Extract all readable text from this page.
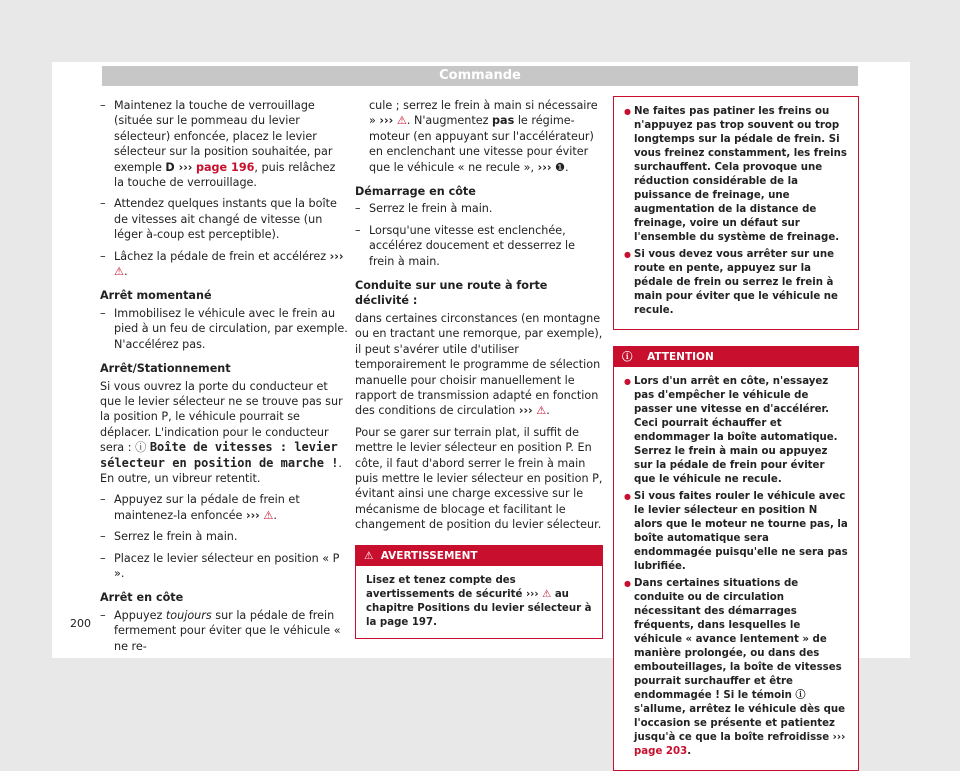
Commande
– Maintenez la touche de verrouillage (située sur le pommeau du levier sélecteur) enfoncée, placez le levier sélecteur sur la position souhaitée, par exemple D ››› page 196, puis relâchez la touche de verrouillage.
– Attendez quelques instants que la boîte de vitesses ait changé de vitesse (un léger à-coup est perceptible).
– Lâchez la pédale de frein et accélérez ››› ⚠.
Arrêt momentané
– Immobilisez le véhicule avec le frein au pied à un feu de circulation, par exemple. N'accélérez pas.
Arrêt/Stationnement
Si vous ouvrez la porte du conducteur et que le levier sélecteur ne se trouve pas sur la position P, le véhicule pourrait se déplacer. L'indication pour le conducteur sera : ⓘ Boîte de vitesses : levier sélecteur en position de marche !. En outre, un vibreur retentit.
– Appuyez sur la pédale de frein et maintenez-la enfoncée ››› ⚠.
– Serrez le frein à main.
– Placez le levier sélecteur en position « P ».
Arrêt en côte
– Appuyez toujours sur la pédale de frein fermement pour éviter que le véhicule « ne re-
cule ; serrez le frein à main si nécessaire » ››› ⚠. N'augmentez pas le régime-moteur (en appuyant sur l'accélérateur) en enclenchant une vitesse pour éviter que le véhicule « ne recule », ››› ❶.
Démarrage en côte
– Serrez le frein à main.
– Lorsqu'une vitesse est enclenchée, accélérez doucement et desserrez le frein à main.
Conduite sur une route à forte déclivité :
dans certaines circonstances (en montagne ou en tractant une remorque, par exemple), il peut s'avérer utile d'utiliser temporairement le programme de sélection manuelle pour choisir manuellement le rapport de transmission adapté en fonction des conditions de circulation ››› ⚠.
Pour se garer sur terrain plat, il suffit de mettre le levier sélecteur en position P. En côte, il faut d'abord serrer le frein à main puis mettre le levier sélecteur en position P, évitant ainsi une charge excessive sur le mécanisme de blocage et facilitant le changement de position du levier sélecteur.
⚠ AVERTISSEMENT
Lisez et tenez compte des avertissements de sécurité ››› ⚠ au chapitre Positions du levier sélecteur à la page 197.
● Ne faites pas patiner les freins ou n'appuyez pas trop souvent ou trop longtemps sur la pédale de frein. Si vous freinez constamment, les freins surchauffent. Cela provoque une réduction considérable de la puissance de freinage, une augmentation de la distance de freinage, voire un défaut sur l'ensemble du système de freinage.
● Si vous devez vous arrêter sur une route en pente, appuyez sur la pédale de frein ou serrez le frein à main pour éviter que le véhicule ne recule.
ⓘ ATTENTION
● Lors d'un arrêt en côte, n'essayez pas d'empêcher le véhicule de passer une vitesse en d'accélérer. Ceci pourrait échauffer et endommager la boîte automatique. Serrez le frein à main ou appuyez sur la pédale de frein pour éviter que le véhicule ne recule.
● Si vous faites rouler le véhicule avec le levier sélecteur en position N alors que le moteur ne tourne pas, la boîte automatique sera endommagée puisqu'elle ne sera pas lubrifiée.
● Dans certaines situations de conduite ou de circulation nécessitant des démarrages fréquents, dans lesquelles le véhicule « avance lentement » de manière prolongée, ou dans des embouteillages, la boîte de vitesses pourrait surchauffer et être endommagée ! Si le témoin ⓘ s'allume, arrêtez le véhicule dès que l'occasion se présente et patientez jusqu'à ce que la boîte refroidisse ››› page 203.
200
